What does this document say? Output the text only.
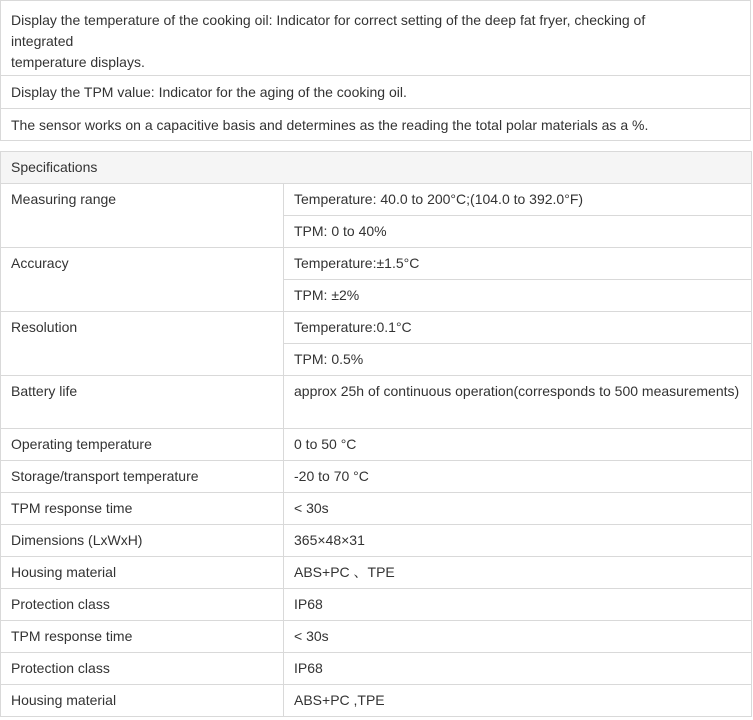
Display the temperature of the cooking oil: Indicator for correct setting of the deep fat fryer, checking of
integrated
temperature displays.
Display the TPM value: Indicator for the aging of the cooking oil.
The sensor works on a capacitive basis and determines as the reading the total polar materials as a %.
Specifications	
Measuring range	Temperature: 40.0 to 200°C;(104.0 to 392.0°F)
	TPM: 0 to 40%
Accuracy	Temperature:±1.5°C
	TPM: ±2%
Resolution	Temperature:0.1°C
	TPM: 0.5%
Battery life	approx 25h of continuous operation(corresponds to 500 measurements)
Operating temperature	0 to 50 °C
Storage/transport temperature	-20 to 70 °C
TPM response time	< 30s
Dimensions (LxWxH)	365×48×31
Housing material	ABS+PC 、TPE
Protection class	IP68
TPM response time	< 30s
Protection class	IP68
Housing material	ABS+PC ,TPE
